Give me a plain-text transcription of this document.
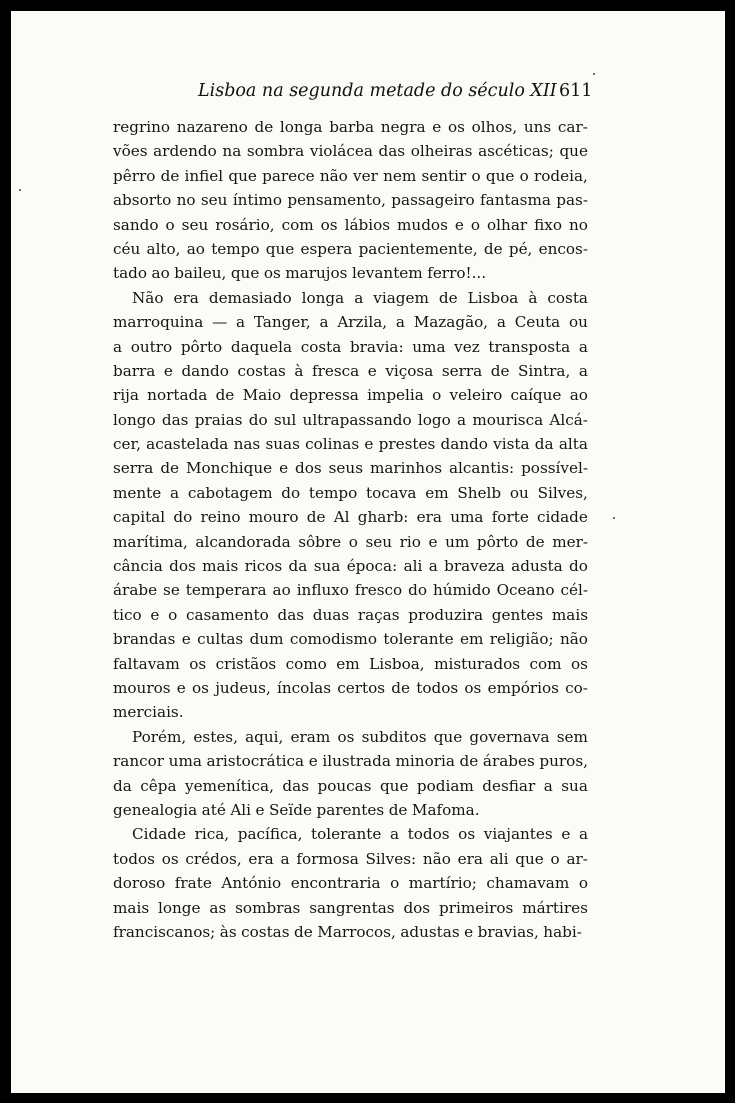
Lisboa na segunda metade do século XII 611
regrino nazareno de longa barba negra e os olhos, uns car-
vões ardendo na sombra violácea das olheiras ascéticas; que
pêrro de infiel que parece não ver nem sentir o que o rodeia,
absorto no seu íntimo pensamento, passageiro fantasma pas-
sando o seu rosário, com os lábios mudos e o olhar fixo no
céu alto, ao tempo que espera pacientemente, de pé, encos-
tado ao baileu, que os marujos levantem ferro!...
Não era demasiado longa a viagem de Lisboa à costa
marroquina — a Tanger, a Arzila, a Mazagão, a Ceuta ou
a outro pôrto daquela costa bravia: uma vez transposta a
barra e dando costas à fresca e viçosa serra de Sintra, a
rija nortada de Maio depressa impelia o veleiro caíque ao
longo das praias do sul ultrapassando logo a mourisca Alcá-
cer, acastelada nas suas colinas e prestes dando vista da alta
serra de Monchique e dos seus marinhos alcantis: possível-
mente a cabotagem do tempo tocava em Shelb ou Silves,
capital do reino mouro de Al gharb: era uma forte cidade
marítima, alcandorada sôbre o seu rio e um pôrto de mer-
cância dos mais ricos da sua época: ali a braveza adusta do
árabe se temperara ao influxo fresco do húmido Oceano cél-
tico e o casamento das duas raças produzira gentes mais
brandas e cultas dum comodismo tolerante em religião; não
faltavam os cristãos como em Lisboa, misturados com os
mouros e os judeus, íncolas certos de todos os empórios co-
merciais.
Porém, estes, aqui, eram os subditos que governava sem
rancor uma aristocrática e ilustrada minoria de árabes puros,
da cêpa yemenítica, das poucas que podiam desfiar a sua
genealogia até Ali e Seïde parentes de Mafoma.
Cidade rica, pacífica, tolerante a todos os viajantes e a
todos os crédos, era a formosa Silves: não era ali que o ar-
doroso frate António encontraria o martírio; chamavam o
mais longe as sombras sangrentas dos primeiros mártires
franciscanos; às costas de Marrocos, adustas e bravias, habi-
